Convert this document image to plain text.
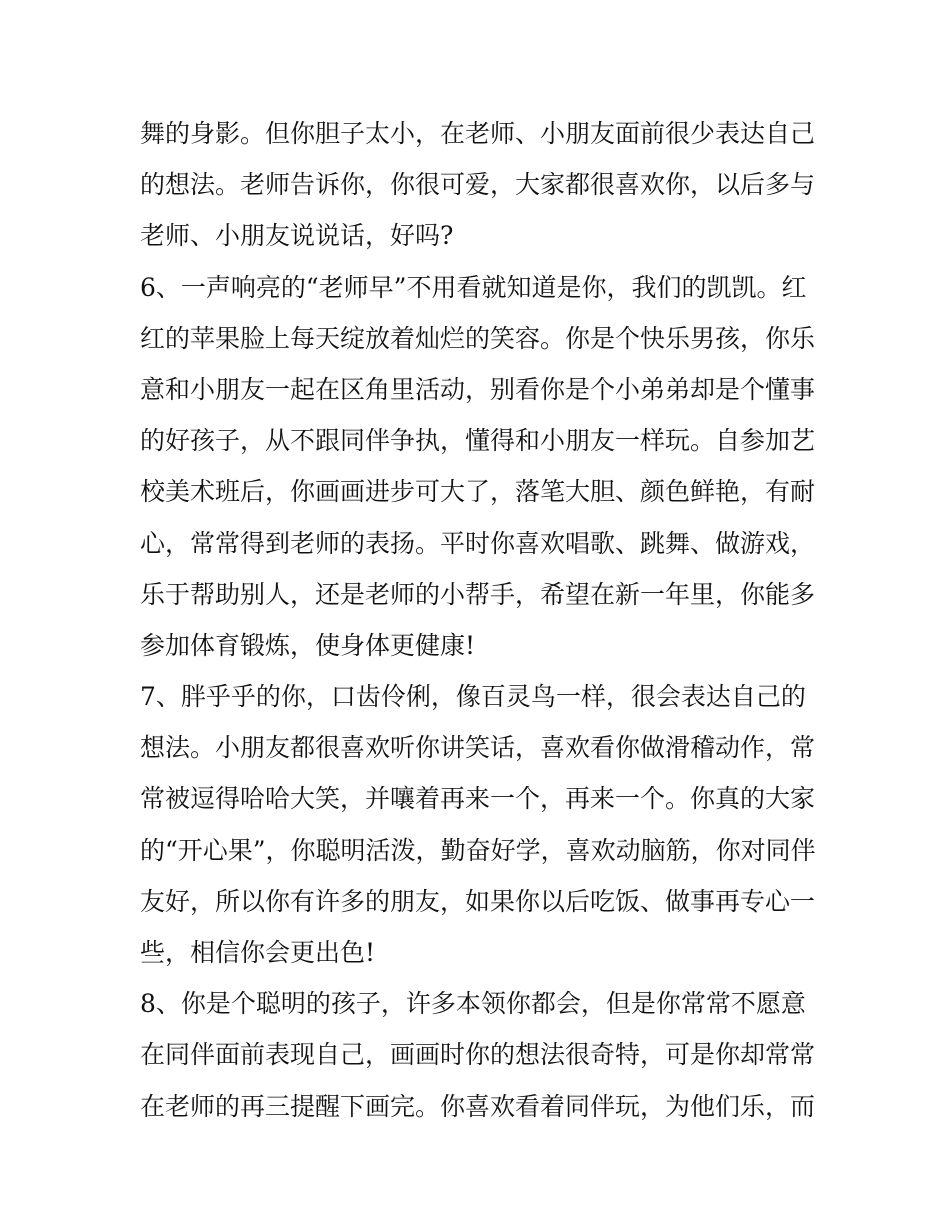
舞的身影。但你胆子太小，在老师、小朋友面前很少表达自己
的想法。老师告诉你，你很可爱，大家都很喜欢你，以后多与
老师、小朋友说说话，好吗?
6、一声响亮的“老师早”不用看就知道是你，我们的凯凯。红
红的苹果脸上每天绽放着灿烂的笑容。你是个快乐男孩，你乐
意和小朋友一起在区角里活动，别看你是个小弟弟却是个懂事
的好孩子，从不跟同伴争执，懂得和小朋友一样玩。自参加艺
校美术班后，你画画进步可大了，落笔大胆、颜色鲜艳，有耐
心，常常得到老师的表扬。平时你喜欢唱歌、跳舞、做游戏，
乐于帮助别人，还是老师的小帮手，希望在新一年里，你能多
参加体育锻炼，使身体更健康!
7、胖乎乎的你，口齿伶俐，像百灵鸟一样，很会表达自己的
想法。小朋友都很喜欢听你讲笑话，喜欢看你做滑稽动作，常
常被逗得哈哈大笑，并嚷着再来一个，再来一个。你真的大家
的“开心果”，你聪明活泼，勤奋好学，喜欢动脑筋，你对同伴
友好，所以你有许多的朋友，如果你以后吃饭、做事再专心一
些，相信你会更出色!
8、你是个聪明的孩子，许多本领你都会，但是你常常不愿意
在同伴面前表现自己，画画时你的想法很奇特，可是你却常常
在老师的再三提醒下画完。你喜欢看着同伴玩，为他们乐，而
